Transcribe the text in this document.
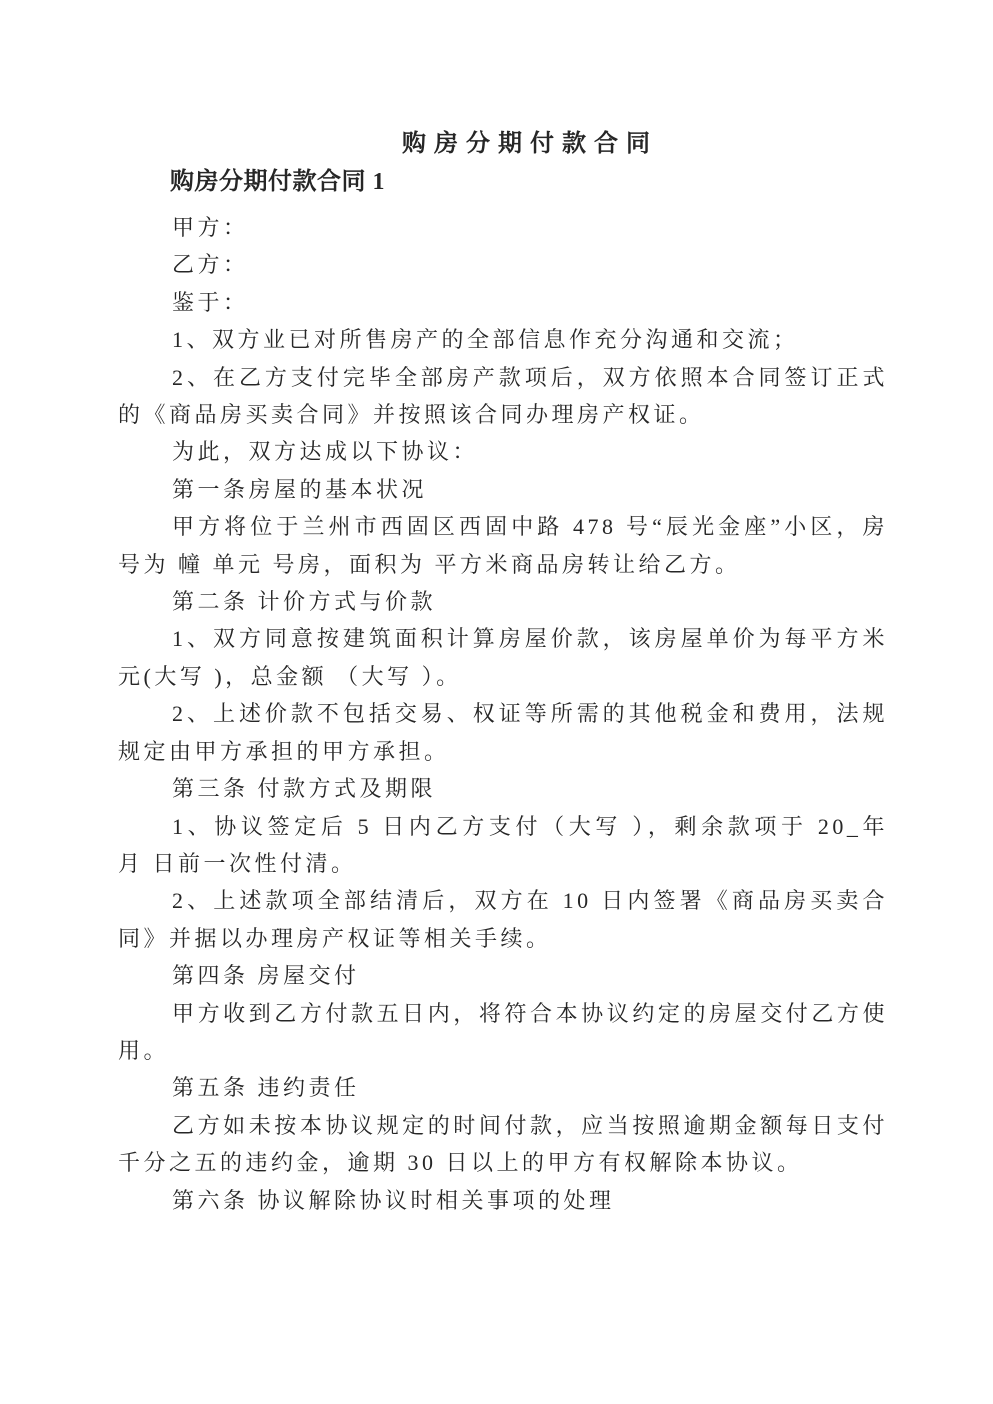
购房分期付款合同
购房分期付款合同 1

甲方：

乙方：

鉴于：

1、双方业已对所售房产的全部信息作充分沟通和交流；

2、在乙方支付完毕全部房产款项后，双方依照本合同签订正式的《商品房买卖合同》并按照该合同办理房产权证。

为此，双方达成以下协议：

第一条房屋的基本状况

甲方将位于兰州市西固区西固中路 478 号“辰光金座”小区，房号为 幢 单元 号房，面积为 平方米商品房转让给乙方。

第二条 计价方式与价款

1、双方同意按建筑面积计算房屋价款，该房屋单价为每平方米 元(大写 )，总金额 （大写 ）。

2、上述价款不包括交易、权证等所需的其他税金和费用，法规规定由甲方承担的甲方承担。

第三条 付款方式及期限

1、协议签定后 5 日内乙方支付（大写 ），剩余款项于 20_年 月 日前一次性付清。

2、上述款项全部结清后，双方在 10 日内签署《商品房买卖合同》并据以办理房产权证等相关手续。

第四条 房屋交付

甲方收到乙方付款五日内，将符合本协议约定的房屋交付乙方使用。

第五条 违约责任

乙方如未按本协议规定的时间付款，应当按照逾期金额每日支付千分之五的违约金，逾期 30 日以上的甲方有权解除本协议。

第六条 协议解除协议时相关事项的处理
